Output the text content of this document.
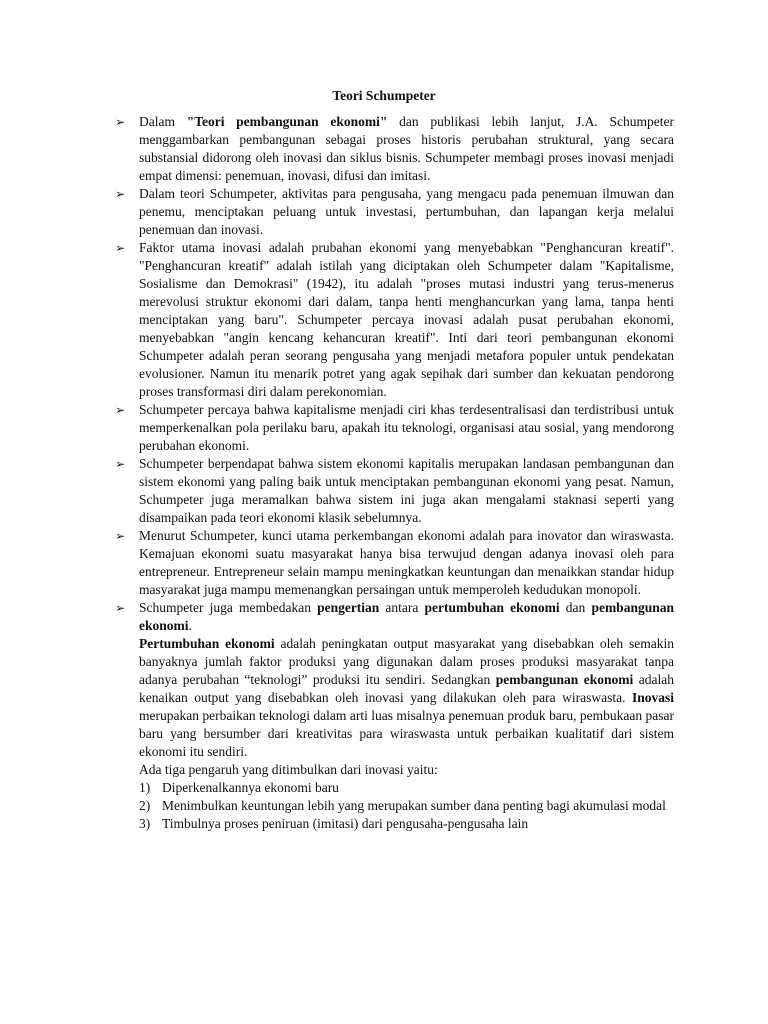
Teori Schumpeter
➢ Dalam "Teori pembangunan ekonomi" dan publikasi lebih lanjut, J.A. Schumpeter menggambarkan pembangunan sebagai proses historis perubahan struktural, yang secara substansial didorong oleh inovasi dan siklus bisnis. Schumpeter membagi proses inovasi menjadi empat dimensi: penemuan, inovasi, difusi dan imitasi.
➢ Dalam teori Schumpeter, aktivitas para pengusaha, yang mengacu pada penemuan ilmuwan dan penemu, menciptakan peluang untuk investasi, pertumbuhan, dan lapangan kerja melalui penemuan dan inovasi.
➢ Faktor utama inovasi adalah prubahan ekonomi yang menyebabkan "Penghancuran kreatif". "Penghancuran kreatif" adalah istilah yang diciptakan oleh Schumpeter dalam "Kapitalisme, Sosialisme dan Demokrasi" (1942), itu adalah "proses mutasi industri yang terus-menerus merevolusi struktur ekonomi dari dalam, tanpa henti menghancurkan yang lama, tanpa henti menciptakan yang baru". Schumpeter percaya inovasi adalah pusat perubahan ekonomi, menyebabkan "angin kencang kehancuran kreatif". Inti dari teori pembangunan ekonomi Schumpeter adalah peran seorang pengusaha yang menjadi metafora populer untuk pendekatan evolusioner. Namun itu menarik potret yang agak sepihak dari sumber dan kekuatan pendorong proses transformasi diri dalam perekonomian.
➢ Schumpeter percaya bahwa kapitalisme menjadi ciri khas terdesentralisasi dan terdistribusi untuk memperkenalkan pola perilaku baru, apakah itu teknologi, organisasi atau sosial, yang mendorong perubahan ekonomi.
➢ Schumpeter berpendapat bahwa sistem ekonomi kapitalis merupakan landasan pembangunan dan sistem ekonomi yang paling baik untuk menciptakan pembangunan ekonomi yang pesat. Namun, Schumpeter juga meramalkan bahwa sistem ini juga akan mengalami staknasi seperti yang disampaikan pada teori ekonomi klasik sebelumnya.
➢ Menurut Schumpeter, kunci utama perkembangan ekonomi adalah para inovator dan wiraswasta. Kemajuan ekonomi suatu masyarakat hanya bisa terwujud dengan adanya inovasi oleh para entrepreneur. Entrepreneur selain mampu meningkatkan keuntungan dan menaikkan standar hidup masyarakat juga mampu memenangkan persaingan untuk memperoleh kedudukan monopoli.
➢ Schumpeter juga membedakan pengertian antara pertumbuhan ekonomi dan pembangunan ekonomi.
Pertumbuhan ekonomi adalah peningkatan output masyarakat yang disebabkan oleh semakin banyaknya jumlah faktor produksi yang digunakan dalam proses produksi masyarakat tanpa adanya perubahan “teknologi” produksi itu sendiri. Sedangkan pembangunan ekonomi adalah kenaikan output yang disebabkan oleh inovasi yang dilakukan oleh para wiraswasta. Inovasi merupakan perbaikan teknologi dalam arti luas misalnya penemuan produk baru, pembukaan pasar baru yang bersumber dari kreativitas para wiraswasta untuk perbaikan kualitatif dari sistem ekonomi itu sendiri.
Ada tiga pengaruh yang ditimbulkan dari inovasi yaitu:
1) Diperkenalkannya ekonomi baru
2) Menimbulkan keuntungan lebih yang merupakan sumber dana penting bagi akumulasi modal
3) Timbulnya proses peniruan (imitasi) dari pengusaha-pengusaha lain
